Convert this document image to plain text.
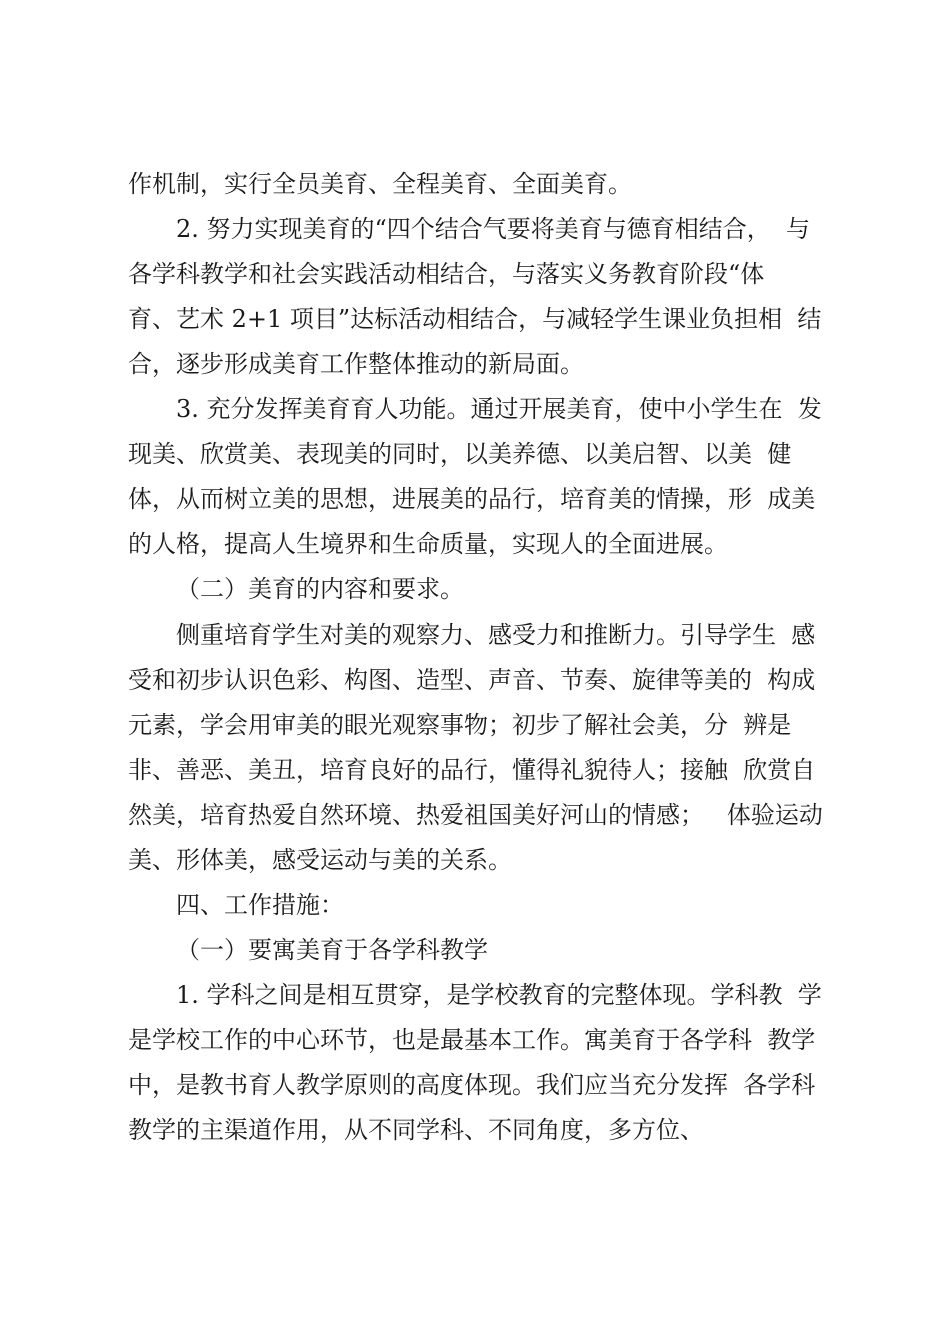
作机制，实行全员美育、全程美育、全面美育。
2. 努力实现美育的“四个结合气要将美育与德育相结合，  与
各学科教学和社会实践活动相结合，与落实义务教育阶段“体
育、艺术 2+1 项目”达标活动相结合，与减轻学生课业负担相  结
合，逐步形成美育工作整体推动的新局面。
3. 充分发挥美育育人功能。通过开展美育，使中小学生在  发
现美、欣赏美、表现美的同时，以美养德、以美启智、以美  健
体，从而树立美的思想，进展美的品行，培育美的情操，形  成美
的人格，提高人生境界和生命质量，实现人的全面进展。
（二）美育的内容和要求。
侧重培育学生对美的观察力、感受力和推断力。引导学生  感
受和初步认识色彩、构图、造型、声音、节奏、旋律等美的  构成
元素，学会用审美的眼光观察事物；初步了解社会美，分  辨是
非、善恶、美丑，培育良好的品行，懂得礼貌待人；接触  欣赏自
然美，培育热爱自然环境、热爱祖国美好河山的情感；   体验运动
美、形体美，感受运动与美的关系。
四、工作措施：
（一）要寓美育于各学科教学
1. 学科之间是相互贯穿，是学校教育的完整体现。学科教  学
是学校工作的中心环节，也是最基本工作。寓美育于各学科  教学
中，是教书育人教学原则的高度体现。我们应当充分发挥  各学科
教学的主渠道作用，从不同学科、不同角度，多方位、
